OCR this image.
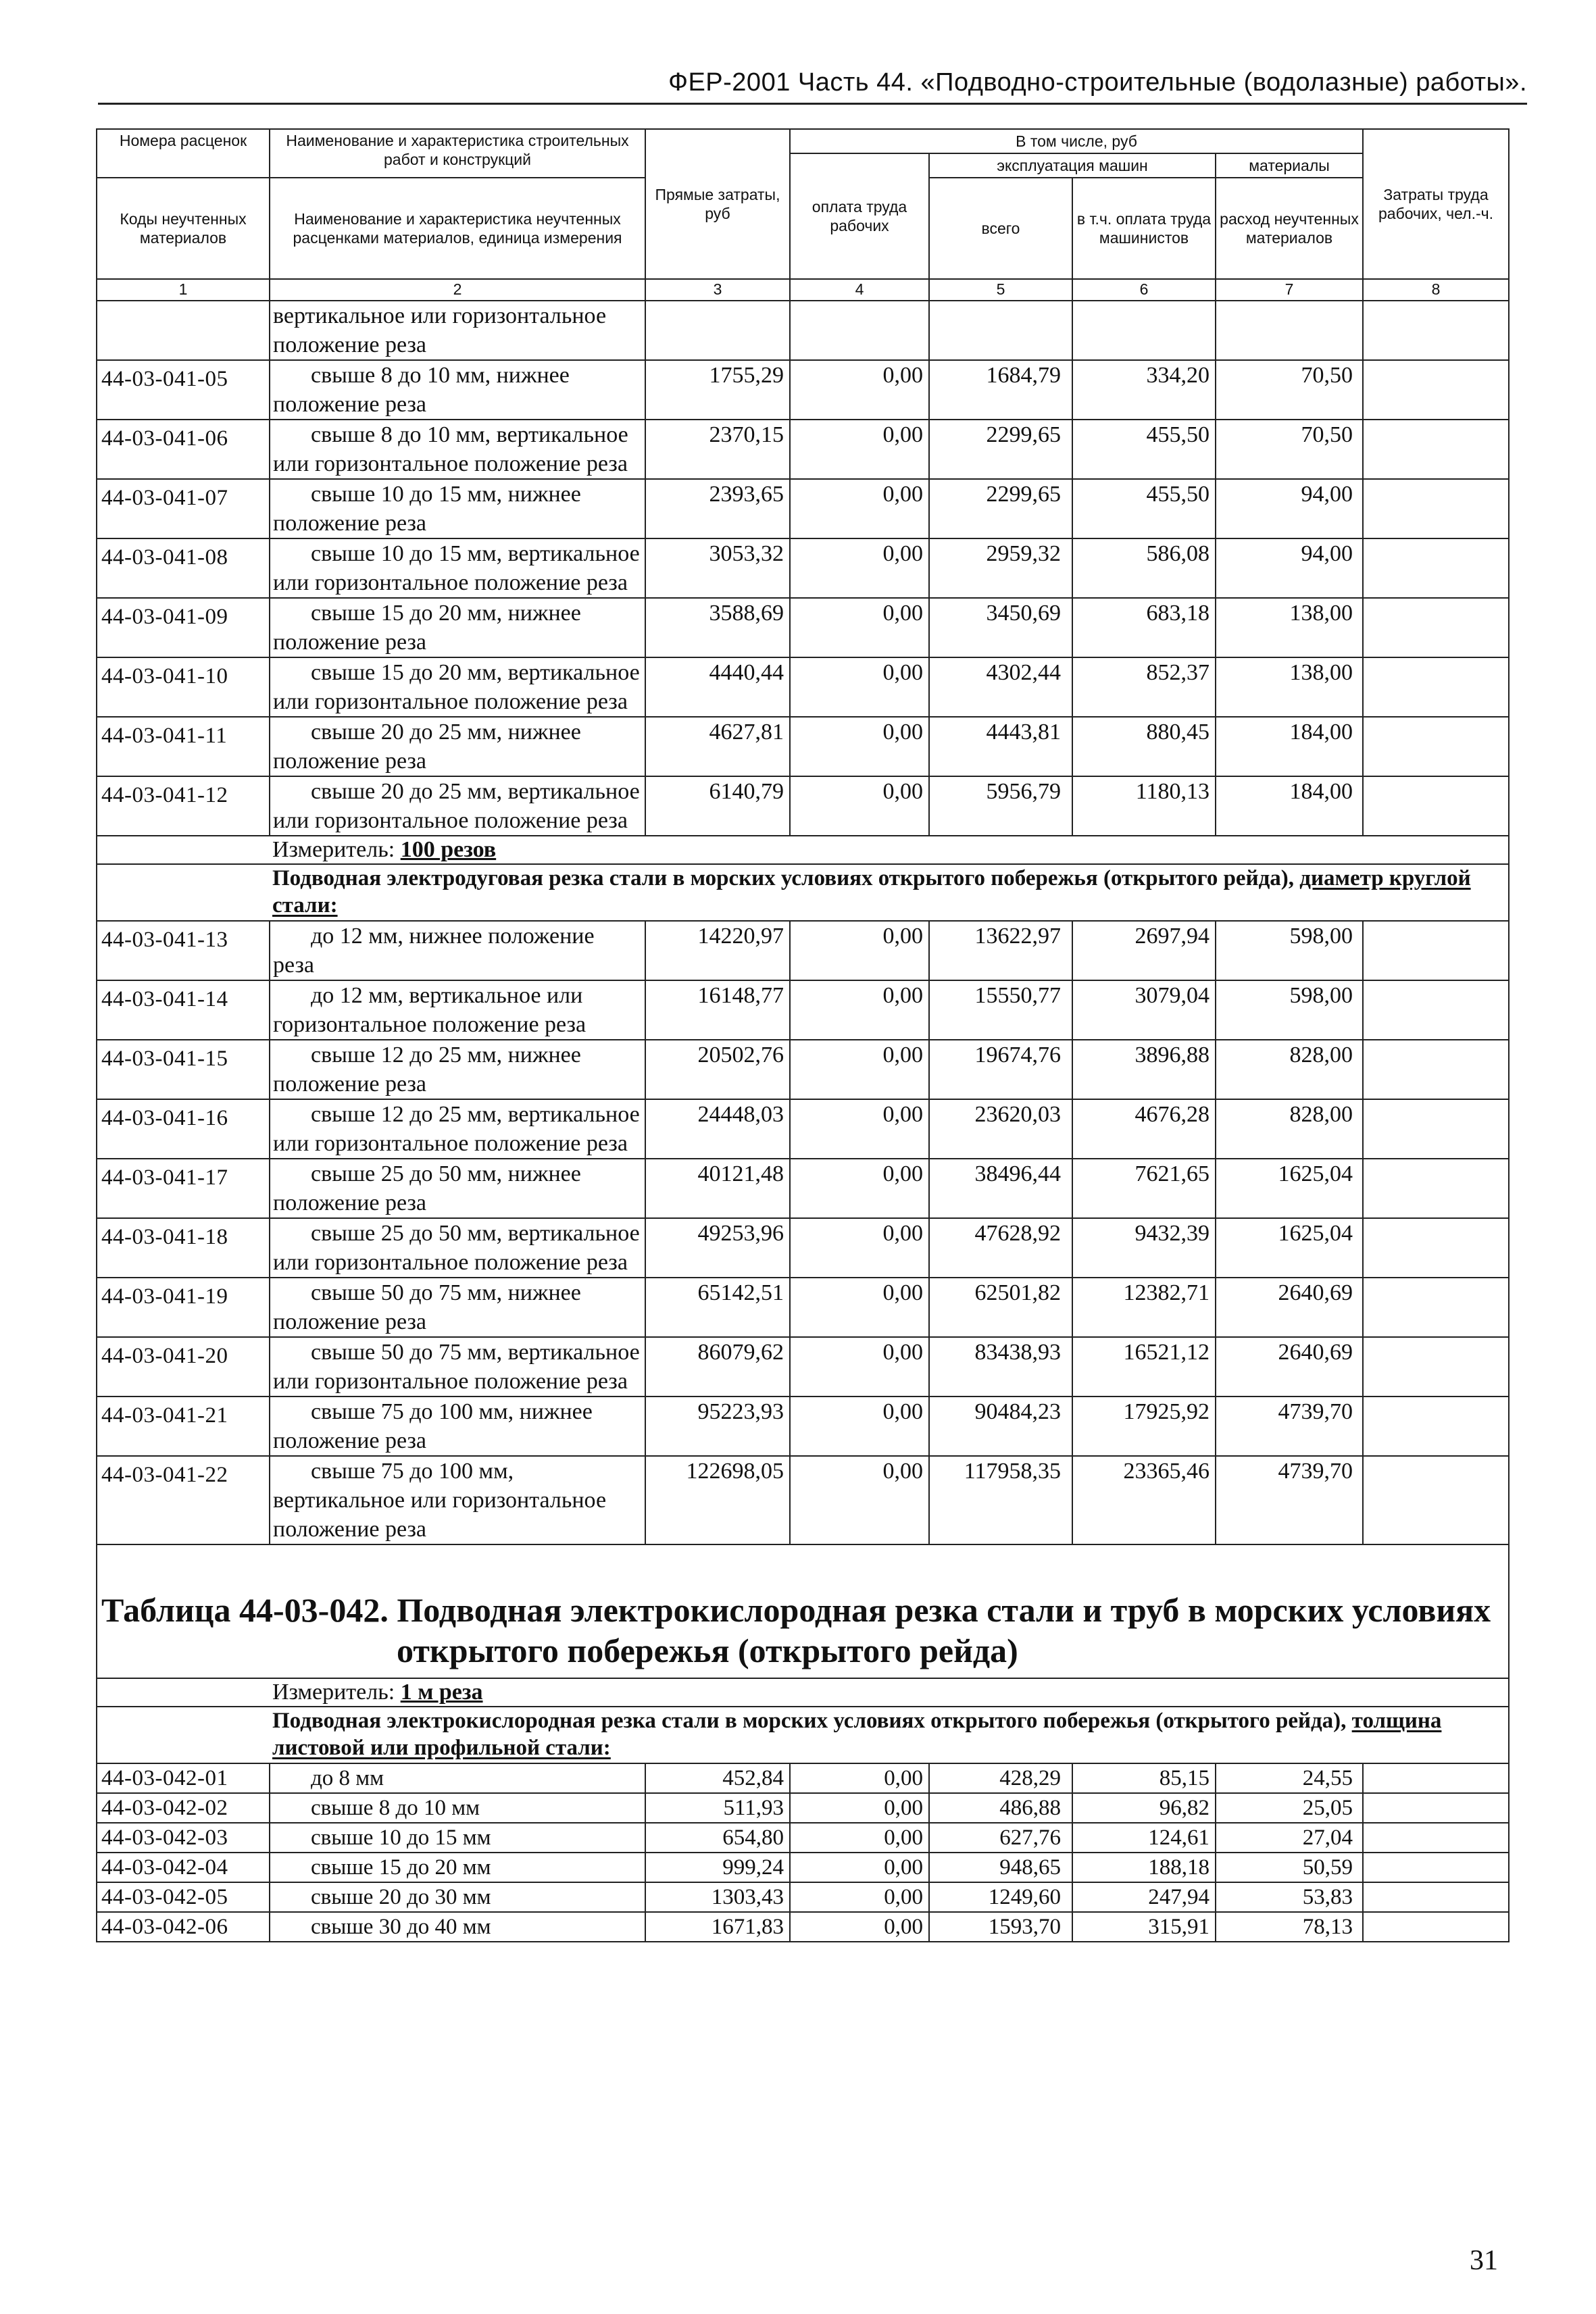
ФЕР-2001 Часть 44. «Подводно-строительные (водолазные) работы».
Номера расценок	Наименование и характеристика строительных работ и конструкций	Прямые затраты, руб	В том числе, руб				Затраты труда рабочих, чел.-ч.
			оплата труда рабочих	эксплуатация машин		материалы	
Коды неучтенных материалов	Наименование и характеристика неучтенных расценками материалов, единица измерения			всего	в т.ч. оплата труда машинистов	расход неучтенных материалов	

1	2	3	4	5	6	7	8
	вертикальное или горизонтальное положение реза						
44-03-041-05	свыше 8 до 10 мм, нижнее положение реза	1755,29	0,00	1684,79	334,20	70,50	
44-03-041-06	свыше 8 до 10 мм, вертикальное или горизонтальное положение реза	2370,15	0,00	2299,65	455,50	70,50	
44-03-041-07	свыше 10 до 15 мм, нижнее положение реза	2393,65	0,00	2299,65	455,50	94,00	
44-03-041-08	свыше 10 до 15 мм, вертикальное или горизонтальное положение реза	3053,32	0,00	2959,32	586,08	94,00	
44-03-041-09	свыше 15 до 20 мм, нижнее положение реза	3588,69	0,00	3450,69	683,18	138,00	
44-03-041-10	свыше 15 до 20 мм, вертикальное или горизонтальное положение реза	4440,44	0,00	4302,44	852,37	138,00	
44-03-041-11	свыше 20 до 25 мм, нижнее положение реза	4627,81	0,00	4443,81	880,45	184,00	
44-03-041-12	свыше 20 до 25 мм, вертикальное или горизонтальное положение реза	6140,79	0,00	5956,79	1180,13	184,00	
	Измеритель: 100 резов						
	Подводная электродуговая резка стали в морских условиях открытого побережья (открытого рейда), диаметр круглой стали:						
44-03-041-13	до 12 мм, нижнее положение реза	14220,97	0,00	13622,97	2697,94	598,00	
44-03-041-14	до 12 мм, вертикальное или горизонтальное положение реза	16148,77	0,00	15550,77	3079,04	598,00	
44-03-041-15	свыше 12 до 25 мм, нижнее положение реза	20502,76	0,00	19674,76	3896,88	828,00	
44-03-041-16	свыше 12 до 25 мм, вертикальное или горизонтальное положение реза	24448,03	0,00	23620,03	4676,28	828,00	
44-03-041-17	свыше 25 до 50 мм, нижнее положение реза	40121,48	0,00	38496,44	7621,65	1625,04	
44-03-041-18	свыше 25 до 50 мм, вертикальное или горизонтальное положение реза	49253,96	0,00	47628,92	9432,39	1625,04	
44-03-041-19	свыше 50 до 75 мм, нижнее положение реза	65142,51	0,00	62501,82	12382,71	2640,69	
44-03-041-20	свыше 50 до 75 мм, вертикальное или горизонтальное положение реза	86079,62	0,00	83438,93	16521,12	2640,69	
44-03-041-21	свыше 75 до 100 мм, нижнее положение реза	95223,93	0,00	90484,23	17925,92	4739,70	
44-03-041-22	свыше 75 до 100 мм, вертикальное или горизонтальное положение реза	122698,05	0,00	117958,35	23365,46	4739,70	

Таблица 44-03-042. Подводная электрокислородная резка стали и труб в морских условиях
открытого побережья (открытого рейда)							

	Измеритель: 1 м реза						
	Подводная электрокислородная резка стали в морских условиях открытого побережья (открытого рейда), толщина листовой или профильной стали:						
44-03-042-01	до 8 мм	452,84	0,00	428,29	85,15	24,55	
44-03-042-02	свыше 8 до 10 мм	511,93	0,00	486,88	96,82	25,05	
44-03-042-03	свыше 10 до 15 мм	654,80	0,00	627,76	124,61	27,04	
44-03-042-04	свыше 15 до 20 мм	999,24	0,00	948,65	188,18	50,59	
44-03-042-05	свыше 20 до 30 мм	1303,43	0,00	1249,60	247,94	53,83	
44-03-042-06	свыше 30 до 40 мм	1671,83	0,00	1593,70	315,91	78,13	
31
